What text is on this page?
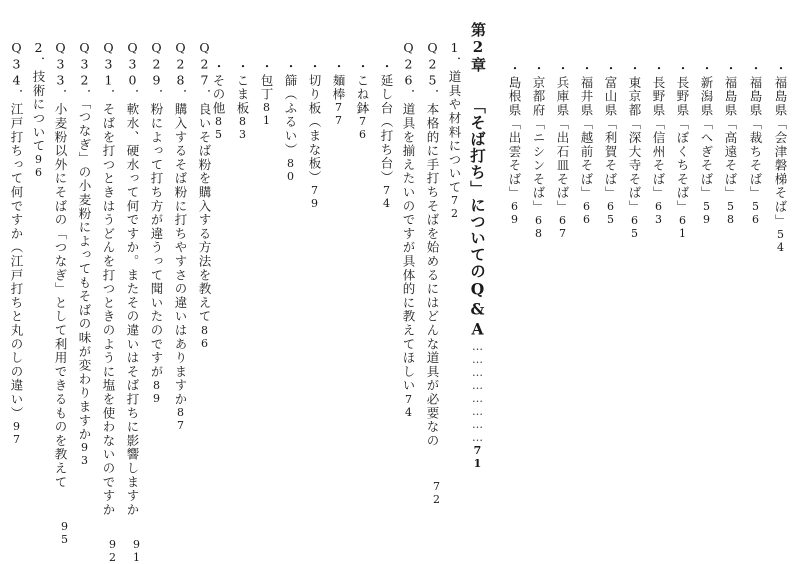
・福島県「会津磐梯そば」54
・福島県「裁ちそば」56
・福島県「高遠そば」58
・新潟県「へぎそば」59
・長野県「ぼくちそば」61
・長野県「信州そば」63
・東京都「深大寺そば」65
・富山県「利賀そば」65
・福井県「越前そば」66
・兵庫県「出石皿そば」67
・京都府「ニシンそば」68
・島根県「出雲そば」69
第2章
「そば打ち」についてのQ&A……………………71
1．道具や材料について72
Q25．本格的に手打ちそばを始めるにはどんな道具が必要なの
72
Q26．道具を揃えたいのですが具体的に教えてほしい74
・延し台（打ち台）74
・こね鉢76
・麺棒77
・切り板（まな板）79
・篩（ふるい）80
・包丁81
・こま板83
・その他85
Q27．良いそば粉を購入する方法を教えて86
Q28．購入するそば粉に打ちやすさの違いはありますか87
Q29．粉によって打ち方が違うって聞いたのですが89
Q30．軟水、硬水って何ですか。またその違いはそば打ちに影響しますか
91
Q31．そばを打つときはうどんを打つときのように塩を使わないのですか
92
Q32．「つなぎ」の小麦粉によってもそばの味が変わりますか93
Q33．小麦粉以外にそばの「つなぎ」として利用できるものを教えて
95
2．技術について96
Q34．江戸打ちって何ですか（江戸打ちと丸のしの違い）97
